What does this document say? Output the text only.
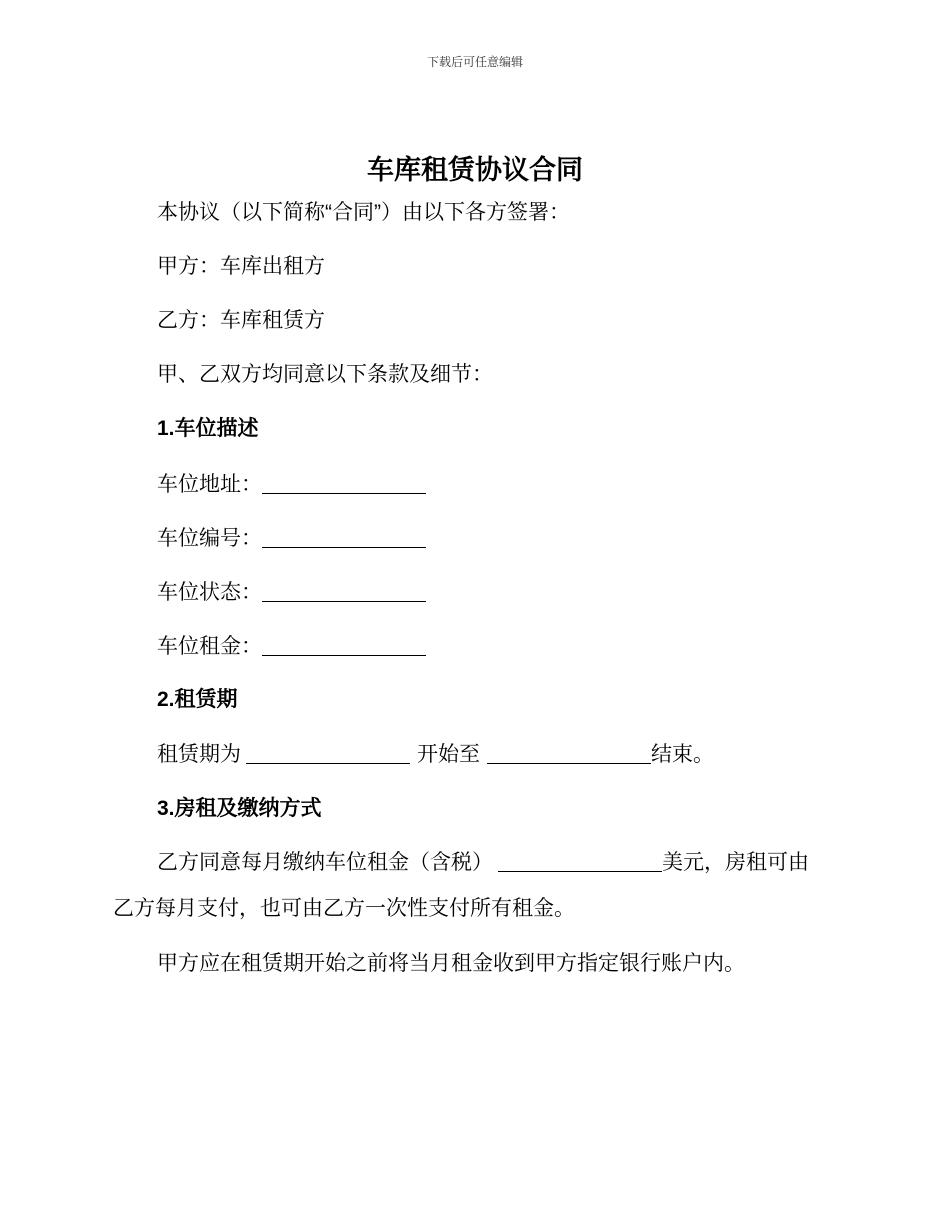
下载后可任意编辑
车库租赁协议合同
本协议（以下简称“合同”）由以下各方签署：
甲方：车库出租方
乙方：车库租赁方
甲、乙双方均同意以下条款及细节：
1.车位描述
车位地址：
车位编号：
车位状态：
车位租金：
2.租赁期
租赁期为	开始至	结束。
3.房租及缴纳方式
乙方同意每月缴纳车位租金（含税）	美元，房租可由
乙方每月支付，也可由乙方一次性支付所有租金。
甲方应在租赁期开始之前将当月租金收到甲方指定银行账户内。
